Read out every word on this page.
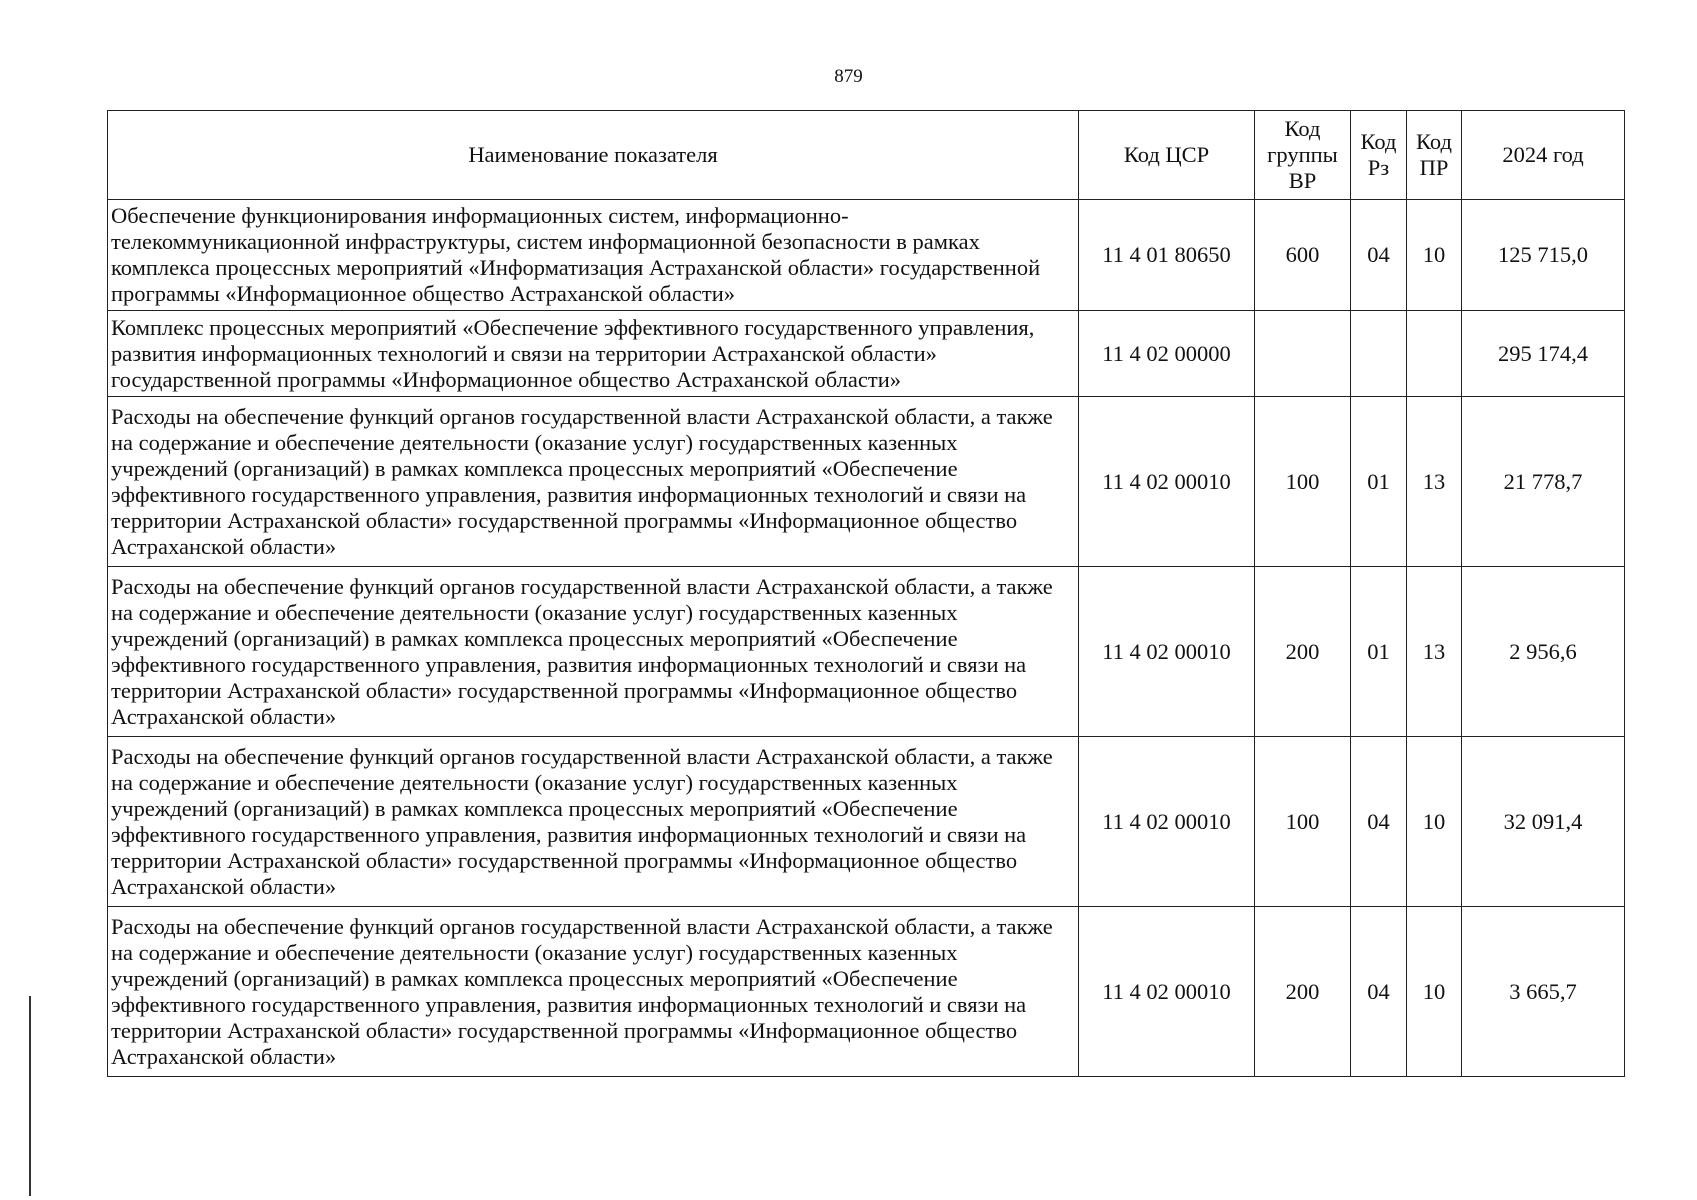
879
Наименование показателя	Код ЦСР	Код группы ВР	Код Рз	Код ПР	2024 год
Обеспечение функционирования информационных систем, информационно-телекоммуникационной инфраструктуры, систем информационной безопасности в рамках комплекса процессных мероприятий «Информатизация Астраханской области» государственной программы «Информационное общество Астраханской области»	11 4 01 80650	600	04	10	125 715,0
Комплекс процессных мероприятий «Обеспечение эффективного государственного управления, развития информационных технологий и связи на территории Астраханской области» государственной программы «Информационное общество Астраханской области»	11 4 02 00000				295 174,4
Расходы на обеспечение функций органов государственной власти Астраханской области, а также на содержание и обеспечение деятельности (оказание услуг) государственных казенных учреждений (организаций) в рамках комплекса процессных мероприятий «Обеспечение эффективного государственного управления, развития информационных технологий и связи на территории Астраханской области» государственной программы «Информационное общество Астраханской области»	11 4 02 00010	100	01	13	21 778,7
Расходы на обеспечение функций органов государственной власти Астраханской области, а также на содержание и обеспечение деятельности (оказание услуг) государственных казенных учреждений (организаций) в рамках комплекса процессных мероприятий «Обеспечение эффективного государственного управления, развития информационных технологий и связи на территории Астраханской области» государственной программы «Информационное общество Астраханской области»	11 4 02 00010	200	01	13	2 956,6
Расходы на обеспечение функций органов государственной власти Астраханской области, а также на содержание и обеспечение деятельности (оказание услуг) государственных казенных учреждений (организаций) в рамках комплекса процессных мероприятий «Обеспечение эффективного государственного управления, развития информационных технологий и связи на территории Астраханской области» государственной программы «Информационное общество Астраханской области»	11 4 02 00010	100	04	10	32 091,4
Расходы на обеспечение функций органов государственной власти Астраханской области, а также на содержание и обеспечение деятельности (оказание услуг) государственных казенных учреждений (организаций) в рамках комплекса процессных мероприятий «Обеспечение эффективного государственного управления, развития информационных технологий и связи на территории Астраханской области» государственной программы «Информационное общество Астраханской области»	11 4 02 00010	200	04	10	3 665,7
